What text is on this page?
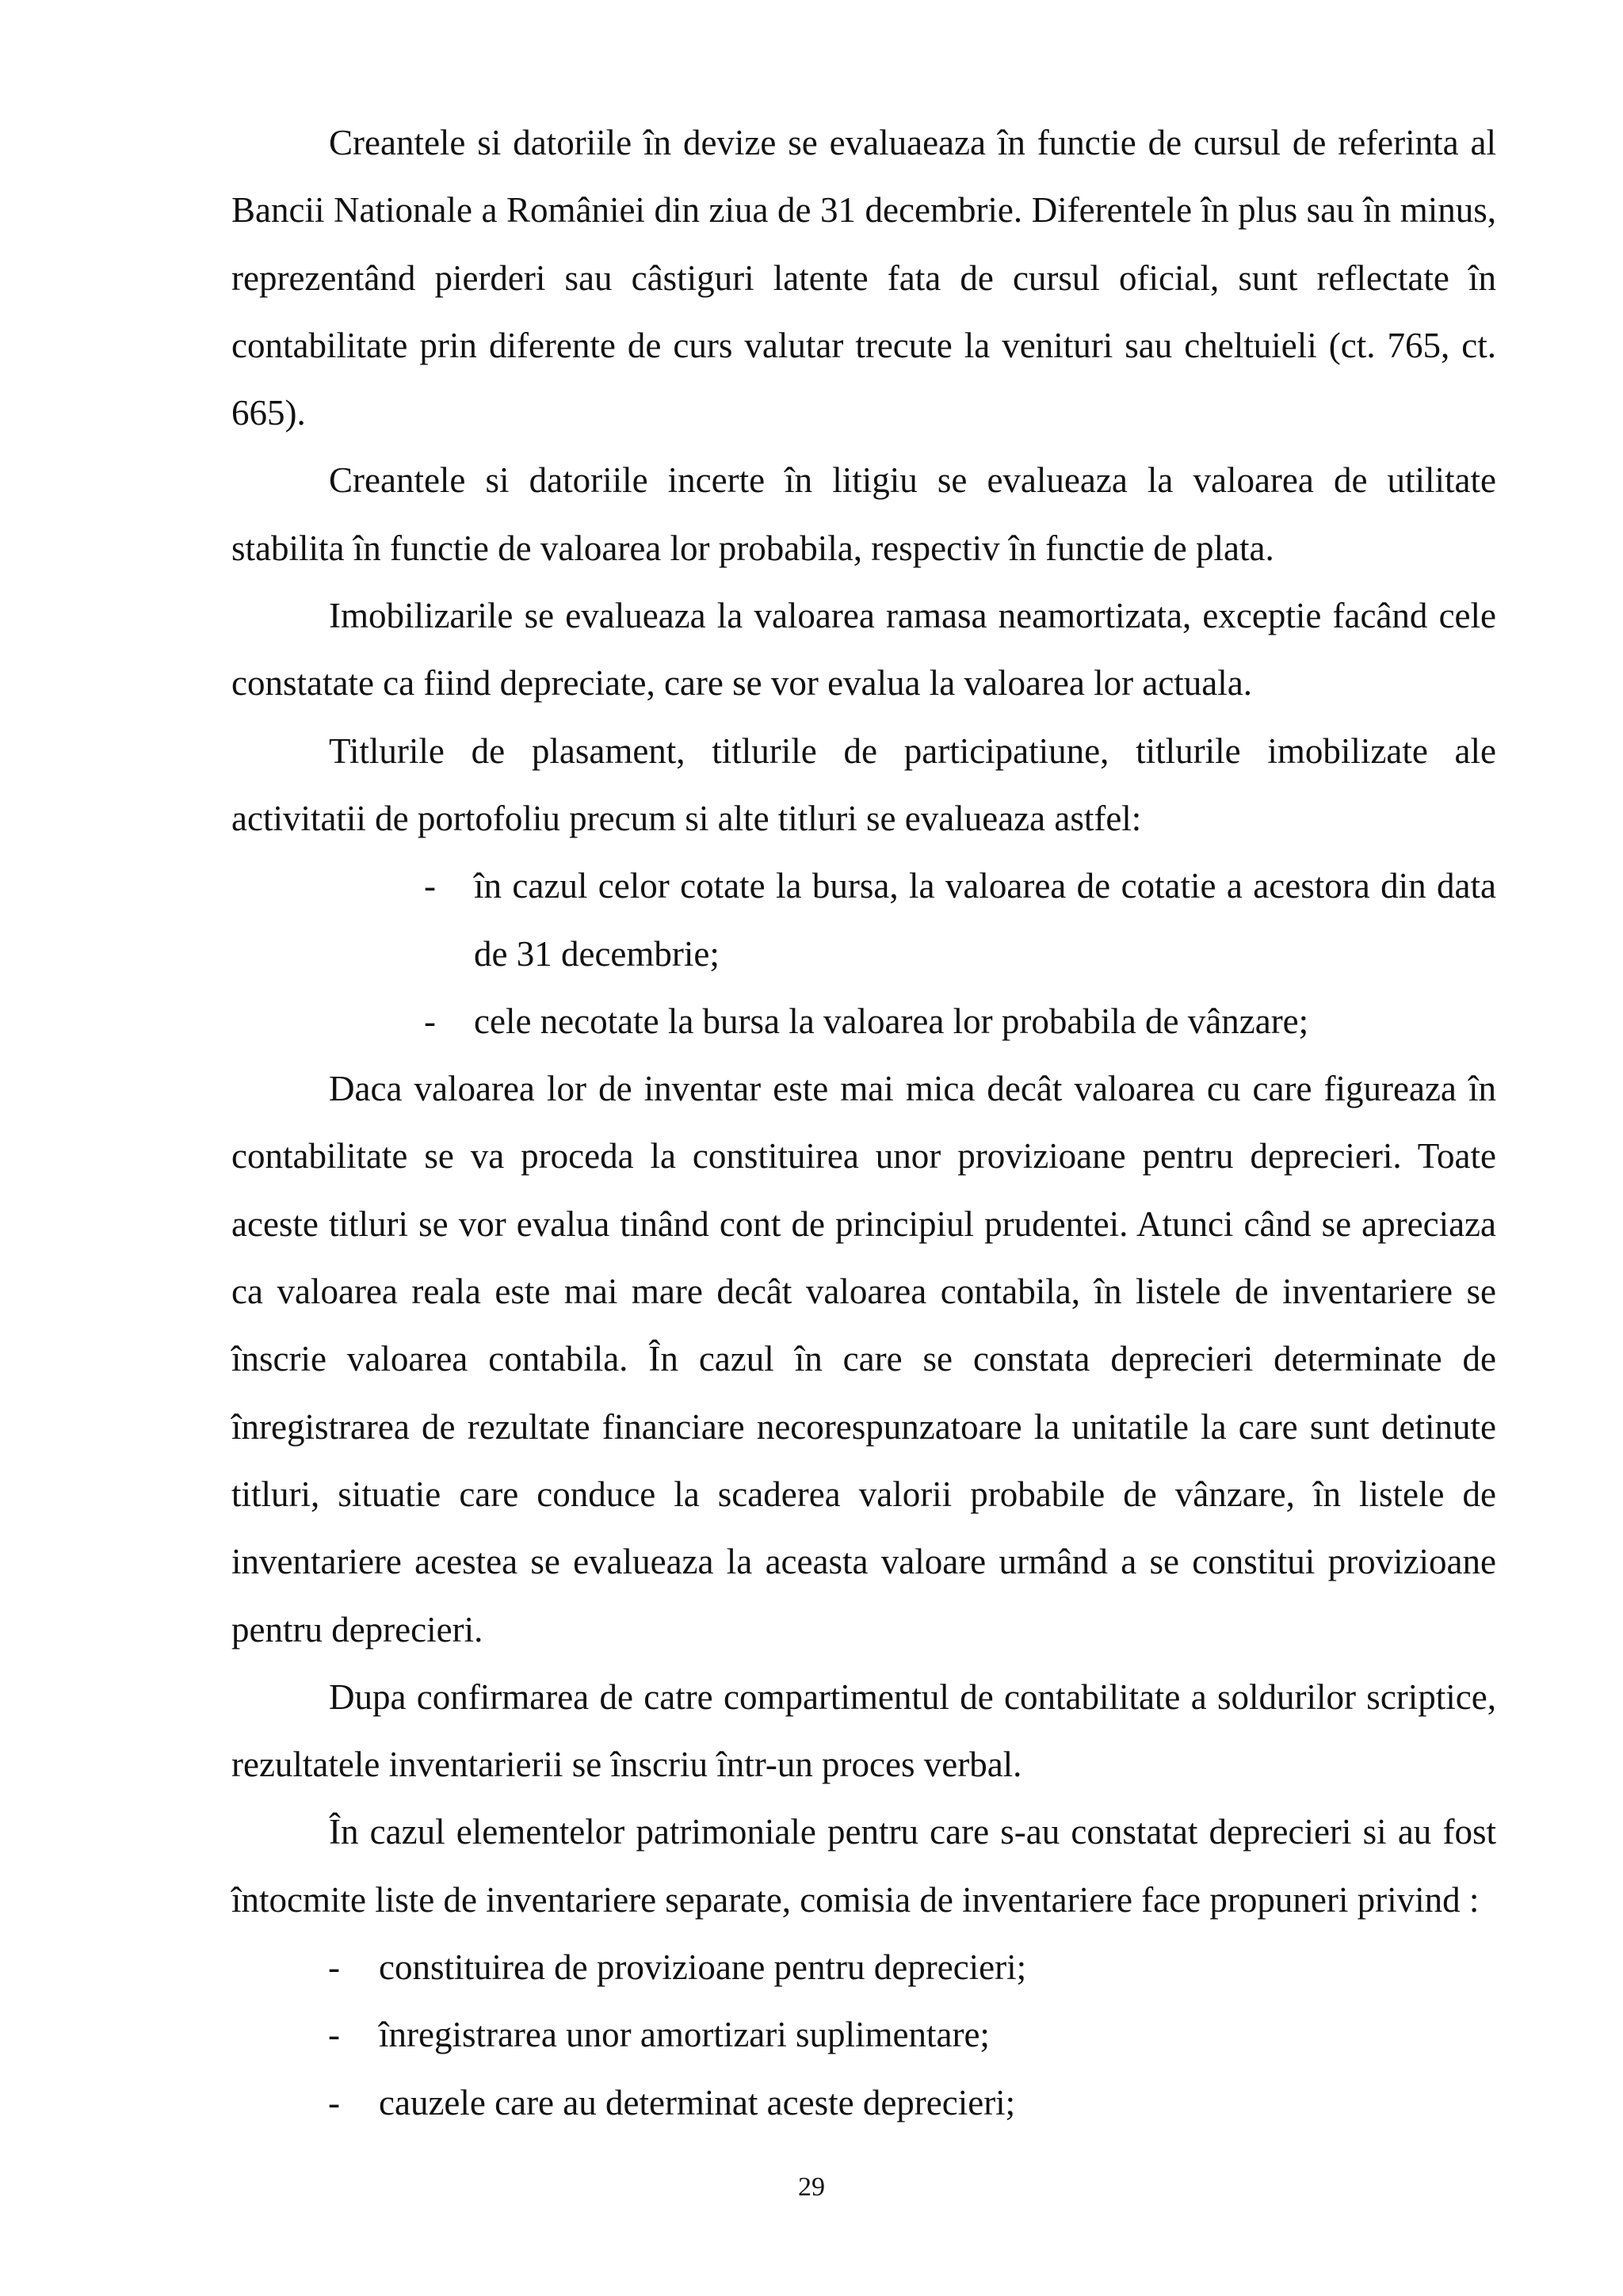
Creantele si datoriile în devize se evaluaeaza în functie de cursul de referinta al Bancii Nationale a României din ziua de 31 decembrie. Diferentele în plus sau în minus, reprezentând pierderi sau câstiguri latente fata de cursul oficial, sunt reflectate în contabilitate prin diferente de curs valutar trecute la venituri sau cheltuieli (ct. 765, ct. 665).

Creantele si datoriile incerte în litigiu se evalueaza la valoarea de utilitate stabilita în functie de valoarea lor probabila, respectiv în functie de plata.

Imobilizarile se evalueaza la valoarea ramasa neamortizata, exceptie facând cele constatate ca fiind depreciate, care se vor evalua la valoarea lor actuala.

Titlurile de plasament, titlurile de participatiune, titlurile imobilizate ale activitatii de portofoliu precum si alte titluri se evalueaza astfel:

- în cazul celor cotate la bursa, la valoarea de cotatie a acestora din data de 31 decembrie;
- cele necotate la bursa la valoarea lor probabila de vânzare;

Daca valoarea lor de inventar este mai mica decât valoarea cu care figureaza în contabilitate se va proceda la constituirea unor provizioane pentru deprecieri. Toate aceste titluri se vor evalua tinând cont de principiul prudentei. Atunci când se apreciaza ca valoarea reala este mai mare decât valoarea contabila, în listele de inventariere se înscrie valoarea contabila. În cazul în care se constata deprecieri determinate de înregistrarea de rezultate financiare necorespunzatoare la unitatile la care sunt detinute titluri, situatie care conduce la scaderea valorii probabile de vânzare, în listele de inventariere acestea se evalueaza la aceasta valoare urmând a se constitui provizioane pentru deprecieri.

Dupa confirmarea de catre compartimentul de contabilitate a soldurilor scriptice, rezultatele inventarierii se înscriu într-un proces verbal.

În cazul elementelor patrimoniale pentru care s-au constatat deprecieri si au fost întocmite liste de inventariere separate, comisia de inventariere face propuneri privind :

- constituirea de provizioane pentru deprecieri;
- înregistrarea unor amortizari suplimentare;
- cauzele care au determinat aceste deprecieri;
29
